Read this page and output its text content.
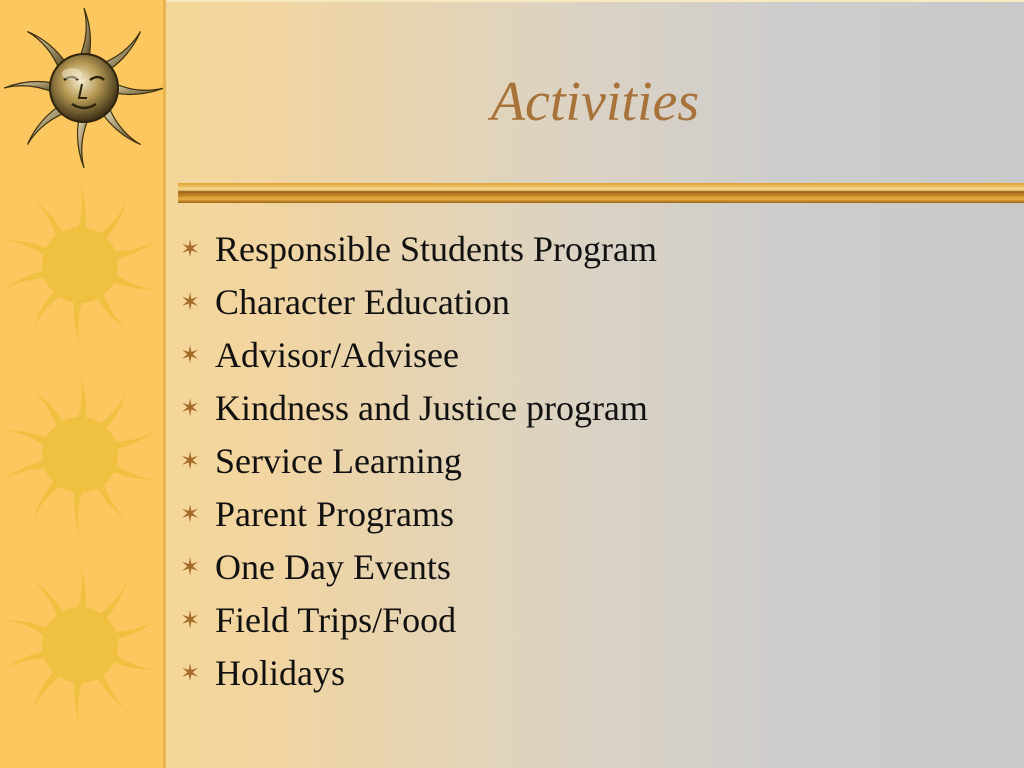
Activities
✶ Responsible Students Program
✶ Character Education
✶ Advisor/Advisee
✶ Kindness and Justice program
✶ Service Learning
✶ Parent Programs
✶ One Day Events
✶ Field Trips/Food
✶ Holidays
